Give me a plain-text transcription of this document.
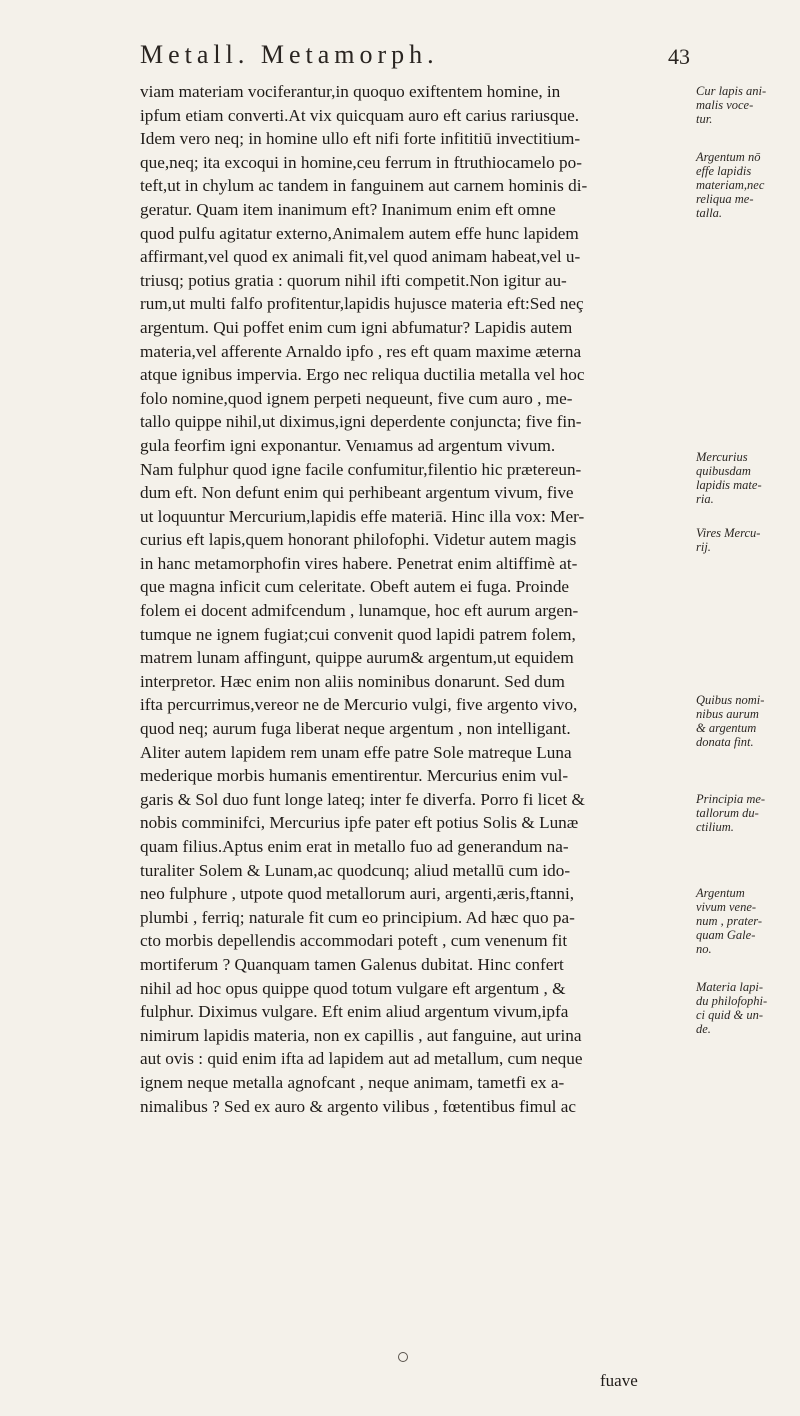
Metall. Metamorph.	43
viam materiam vociferantur,in quoquo exiftentem homine, in
ipfum etiam converti.At vix quicquam auro eft carius rariusque.
Idem vero neq; in homine ullo eft nifi forte infititiū invectitium-
que,neq; ita excoqui in homine,ceu ferrum in ftruthiocamelo po-
teft,ut in chylum ac tandem in fanguinem aut carnem hominis di-
geratur. Quam item inanimum eft? Inanimum enim eft omne
quod pulfu agitatur externo,Animalem autem effe hunc lapidem
affirmant,vel quod ex animali fit,vel quod animam habeat,vel u-
triusq; potius gratia : quorum nihil ifti competit.Non igitur au-
rum,ut multi falfo profitentur,lapidis hujusce materia eft:Sed neç
argentum. Qui poffet enim cum igni abfumatur? Lapidis autem
materia,vel afferente Arnaldo ipfo , res eft quam maxime æterna
atque ignibus impervia. Ergo nec reliqua ductilia metalla vel hoc
folo nomine,quod ignem perpeti nequeunt, five cum auro , me-
tallo quippe nihil,ut diximus,igni deperdente conjuncta; five fin-
gula feorfim igni exponantur. Venıamus ad argentum vivum.
Nam fulphur quod igne facile confumitur,filentio hic prætereun-
dum eft. Non defunt enim qui perhibeant argentum vivum, five
ut loquuntur Mercurium,lapidis effe materiā. Hinc illa vox: Mer-
curius eft lapis,quem honorant philofophi. Videtur autem magis
in hanc metamorphofin vires habere. Penetrat enim altiffimè at-
que magna inficit cum celeritate. Obeft autem ei fuga. Proinde
folem ei docent admifcendum , lunamque, hoc eft aurum argen-
tumque ne ignem fugiat;cui convenit quod lapidi patrem folem,
matrem lunam affingunt, quippe aurum& argentum,ut equidem
interpretor. Hæc enim non aliis nominibus donarunt. Sed dum
ifta percurrimus,vereor ne de Mercurio vulgi, five argento vivo,
quod neq; aurum fuga liberat neque argentum , non intelligant.
Aliter autem lapidem rem unam effe patre Sole matreque Luna
mederique morbis humanis ementirentur. Mercurius enim vul-
garis & Sol duo funt longe lateq; inter fe diverfa. Porro fi licet &
nobis comminifci, Mercurius ipfe pater eft potius Solis & Lunæ
quam filius.Aptus enim erat in metallo fuo ad generandum na-
turaliter Solem & Lunam,ac quodcunq; aliud metallū cum ido-
neo fulphure , utpote quod metallorum auri, argenti,æris,ftanni,
plumbi , ferriq; naturale fit cum eo principium. Ad hæc quo pa-
cto morbis depellendis accommodari poteft , cum venenum fit
mortiferum ? Quanquam tamen Galenus dubitat. Hinc confert
nihil ad hoc opus quippe quod totum vulgare eft argentum , &
fulphur. Diximus vulgare. Eft enim aliud argentum vivum,ipfa
nimirum lapidis materia, non ex capillis , aut fanguine, aut urina
aut ovis : quid enim ifta ad lapidem aut ad metallum, cum neque
ignem neque metalla agnofcant , neque animam, tametfi ex a-
nimalibus ? Sed ex auro & argento vilibus , fœtentibus fimul ac
Cur lapis ani-
malis voce-
tur.
Argentum nō
effe lapidis
materiam,nec
reliqua me-
talla.
Mercurius
quibusdam
lapidis mate-
ria.
Vires Mercu-
rij.
Quibus nomi-
nibus aurum
& argentum
donata fint.
Principia me-
tallorum du-
ctilium.
Argentum
vivum vene-
num , prater-
quam Gale-
no.
Materia lapi-
du philofophi-
ci quid & un-
de.
fuave
